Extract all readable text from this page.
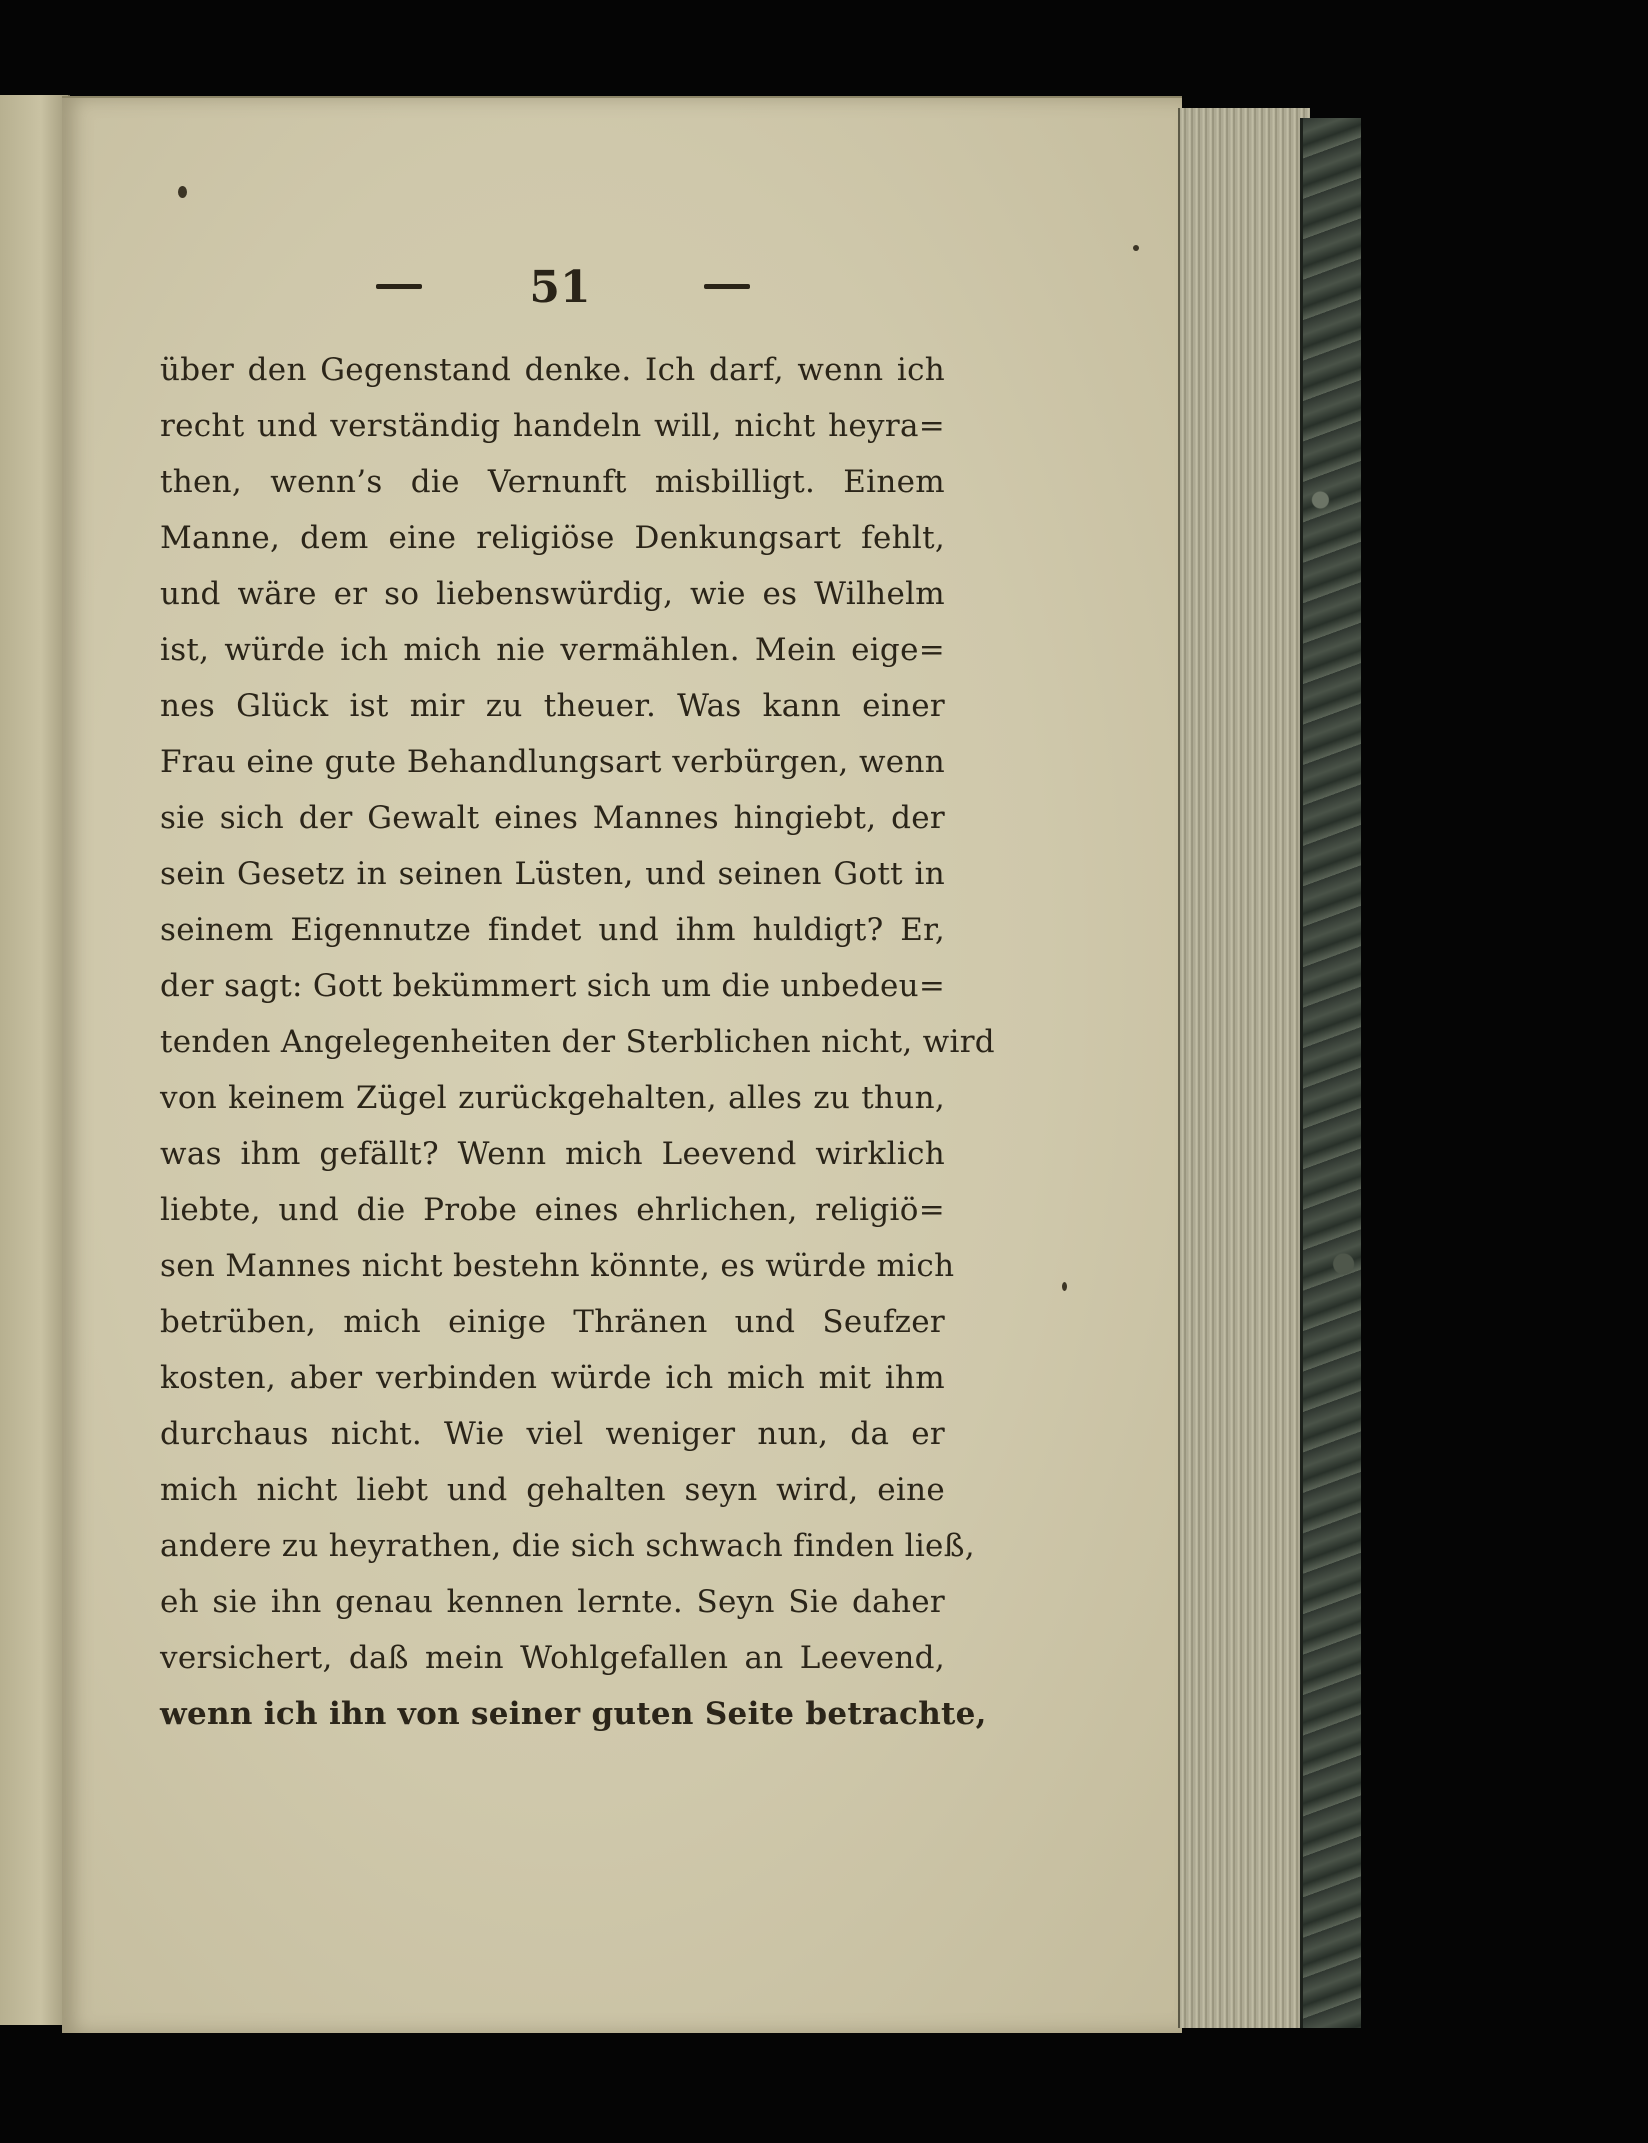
51
über den Gegenstand denke. Ich darf, wenn ich
recht und verständig handeln will, nicht heyra=
then, wenn’s die Vernunft misbilligt. Einem
Manne, dem eine religiöse Denkungsart fehlt,
und wäre er so liebenswürdig, wie es Wilhelm
ist, würde ich mich nie vermählen. Mein eige=
nes Glück ist mir zu theuer. Was kann einer
Frau eine gute Behandlungsart verbürgen, wenn
sie sich der Gewalt eines Mannes hingiebt, der
sein Gesetz in seinen Lüsten, und seinen Gott in
seinem Eigennutze findet und ihm huldigt? Er,
der sagt: Gott bekümmert sich um die unbedeu=
tenden Angelegenheiten der Sterblichen nicht, wird
von keinem Zügel zurückgehalten, alles zu thun,
was ihm gefällt? Wenn mich Leevend wirklich
liebte, und die Probe eines ehrlichen, religiö=
sen Mannes nicht bestehn könnte, es würde mich
betrüben, mich einige Thränen und Seufzer
kosten, aber verbinden würde ich mich mit ihm
durchaus nicht. Wie viel weniger nun, da er
mich nicht liebt und gehalten seyn wird, eine
andere zu heyrathen, die sich schwach finden ließ,
eh sie ihn genau kennen lernte. Seyn Sie daher
versichert, daß mein Wohlgefallen an Leevend,
wenn ich ihn von seiner guten Seite betrachte,
